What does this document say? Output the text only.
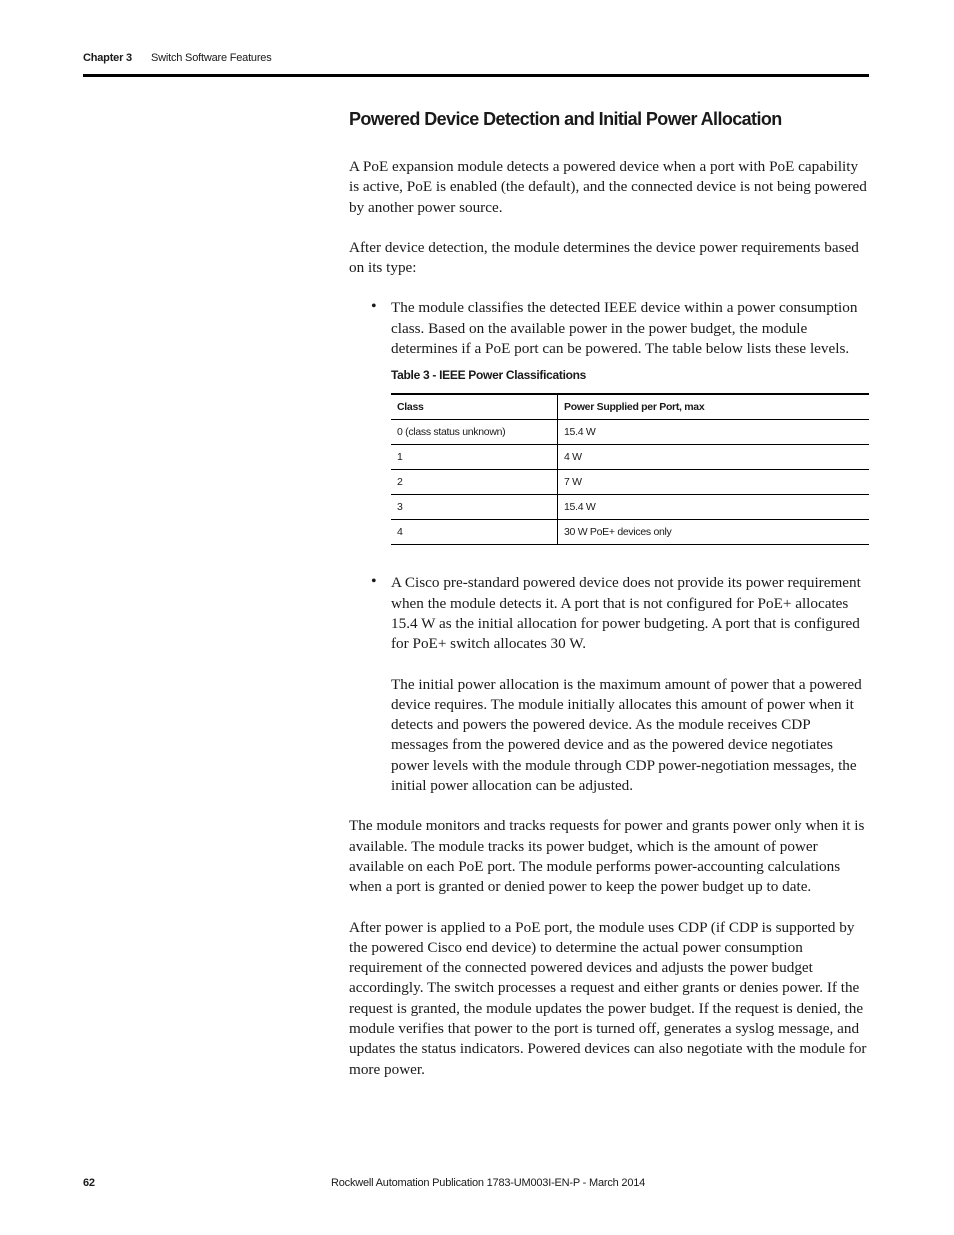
Chapter 3 Switch Software Features
Powered Device Detection and Initial Power Allocation

A PoE expansion module detects a powered device when a port with PoE capability is active, PoE is enabled (the default), and the connected device is not being powered by another power source.

After device detection, the module determines the device power requirements based on its type:

• The module classifies the detected IEEE device within a power consumption class. Based on the available power in the power budget, the module determines if a PoE port can be powered. The table below lists these levels.

Table 3 - IEEE Power Classifications
Class	Power Supplied per Port, max
0 (class status unknown)	15.4 W
1	4 W
2	7 W
3	15.4 W
4	30 W PoE+ devices only
• A Cisco pre-standard powered device does not provide its power requirement when the module detects it. A port that is not configured for PoE+ allocates 15.4 W as the initial allocation for power budgeting. A port that is configured for PoE+ switch allocates 30 W.

The initial power allocation is the maximum amount of power that a powered device requires. The module initially allocates this amount of power when it detects and powers the powered device. As the module receives CDP messages from the powered device and as the powered device negotiates power levels with the module through CDP power-negotiation messages, the initial power allocation can be adjusted.

The module monitors and tracks requests for power and grants power only when it is available. The module tracks its power budget, which is the amount of power available on each PoE port. The module performs power-accounting calculations when a port is granted or denied power to keep the power budget up to date.

After power is applied to a PoE port, the module uses CDP (if CDP is supported by the powered Cisco end device) to determine the actual power consumption requirement of the connected powered devices and adjusts the power budget accordingly. The switch processes a request and either grants or denies power. If the request is granted, the module updates the power budget. If the request is denied, the module verifies that power to the port is turned off, generates a syslog message, and updates the status indicators. Powered devices can also negotiate with the module for more power.

62	Rockwell Automation Publication 1783-UM003I-EN-P - March 2014
